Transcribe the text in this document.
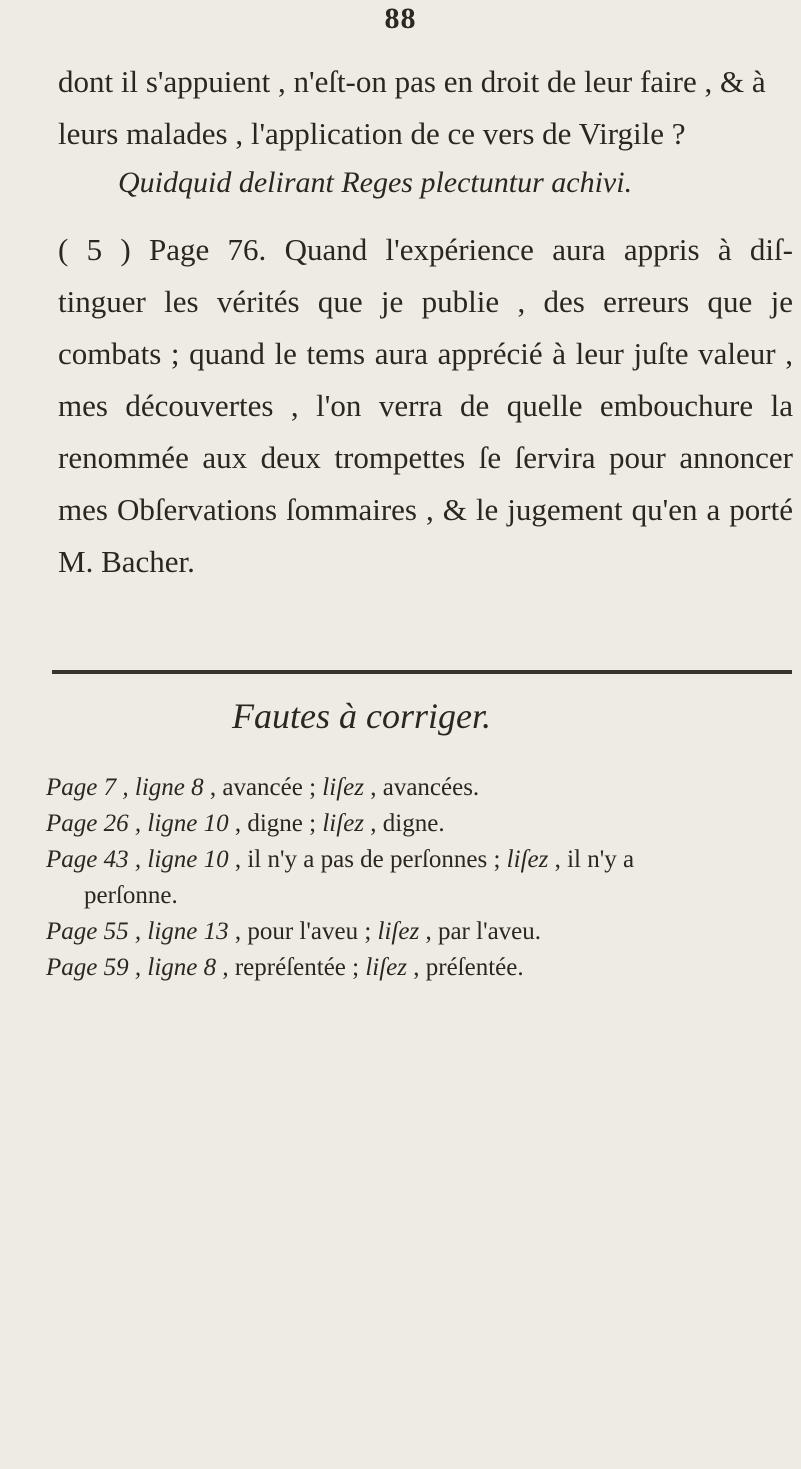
88

dont il s'appuient , n'eſt-on pas en droit de leur faire , & à

leurs malades , l'application de ce vers de Virgile ?

Quidquid delirant Reges plectuntur achivi.

( 5 ) Page 76. Quand l'expérience aura appris à diſ-

tinguer les vérités que je publie , des erreurs que je

combats ; quand le tems aura apprécié à leur juſte valeur ,

mes découvertes , l'on verra de quelle embouchure la

renommée aux deux trompettes ſe ſervira pour annoncer

mes Obſervations ſommaires , & le jugement qu'en a porté

M. Bacher.

Fautes à corriger.

Page 7 , ligne 8 , avancée ; liſez , avancées.

Page 26 , ligne 10 , digne ; liſez , digne.

Page 43 , ligne 10 , il n'y a pas de perſonnes ; liſez , il n'y a

perſonne.

Page 55 , ligne 13 , pour l'aveu ; liſez , par l'aveu.

Page 59 , ligne 8 , repréſentée ; liſez , préſentée.
